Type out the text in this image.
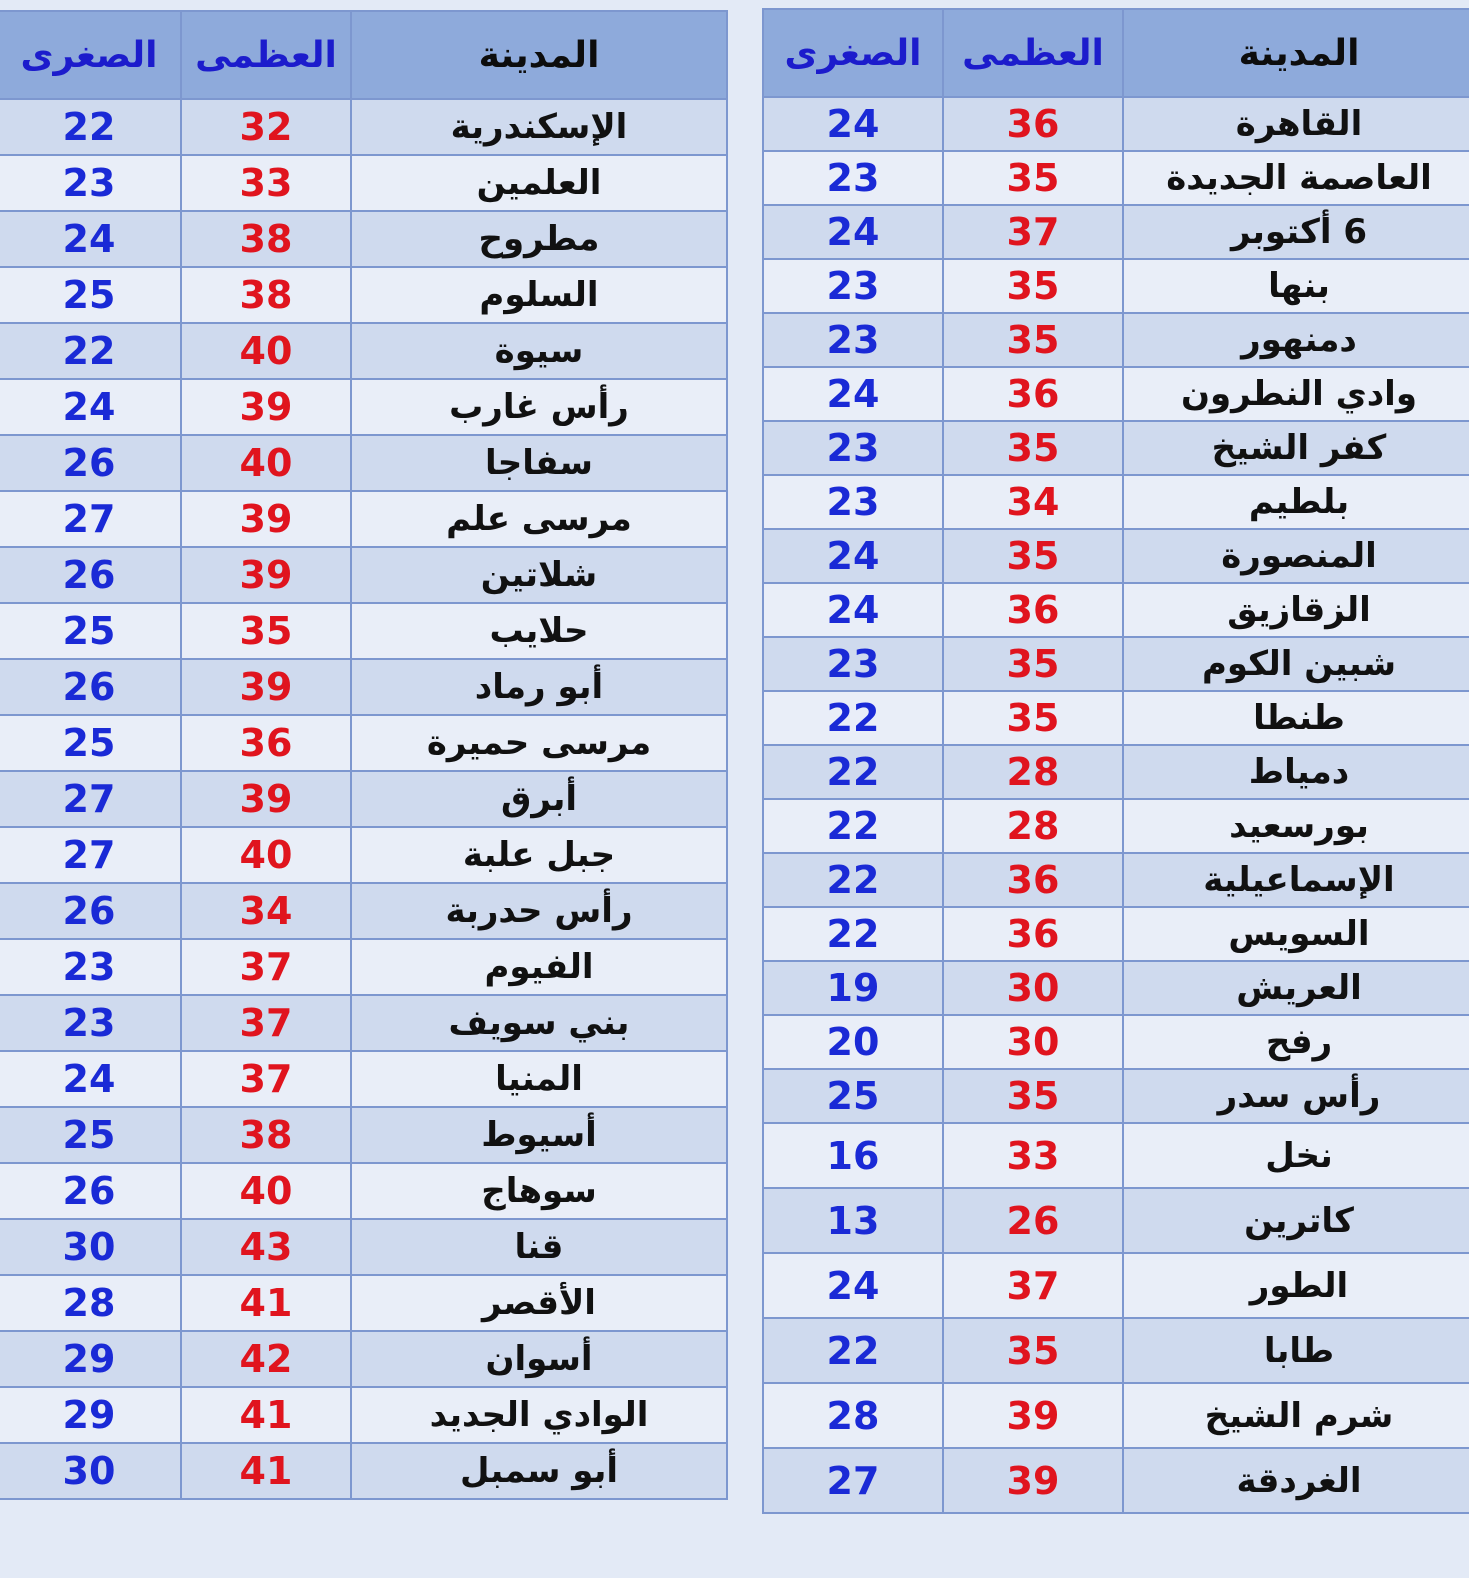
المدينة	العظمى	الصغرى
الإسكندرية	32	22
العلمين	33	23
مطروح	38	24
السلوم	38	25
سيوة	40	22
رأس غارب	39	24
سفاجا	40	26
مرسى علم	39	27
شلاتين	39	26
حلايب	35	25
أبو رماد	39	26
مرسى حميرة	36	25
أبرق	39	27
جبل علبة	40	27
رأس حدربة	34	26
الفيوم	37	23
بني سويف	37	23
المنيا	37	24
أسيوط	38	25
سوهاج	40	26
قنا	43	30
الأقصر	41	28
أسوان	42	29
الوادي الجديد	41	29
أبو سمبل	41	30
المدينة	العظمى	الصغرى
القاهرة	36	24
العاصمة الجديدة	35	23
6 أكتوبر	37	24
بنها	35	23
دمنهور	35	23
وادي النطرون	36	24
كفر الشيخ	35	23
بلطيم	34	23
المنصورة	35	24
الزقازيق	36	24
شبين الكوم	35	23
طنطا	35	22
دمياط	28	22
بورسعيد	28	22
الإسماعيلية	36	22
السويس	36	22
العريش	30	19
رفح	30	20
رأس سدر	35	25
نخل	33	16
كاترين	26	13
الطور	37	24
طابا	35	22
شرم الشيخ	39	28
الغردقة	39	27
